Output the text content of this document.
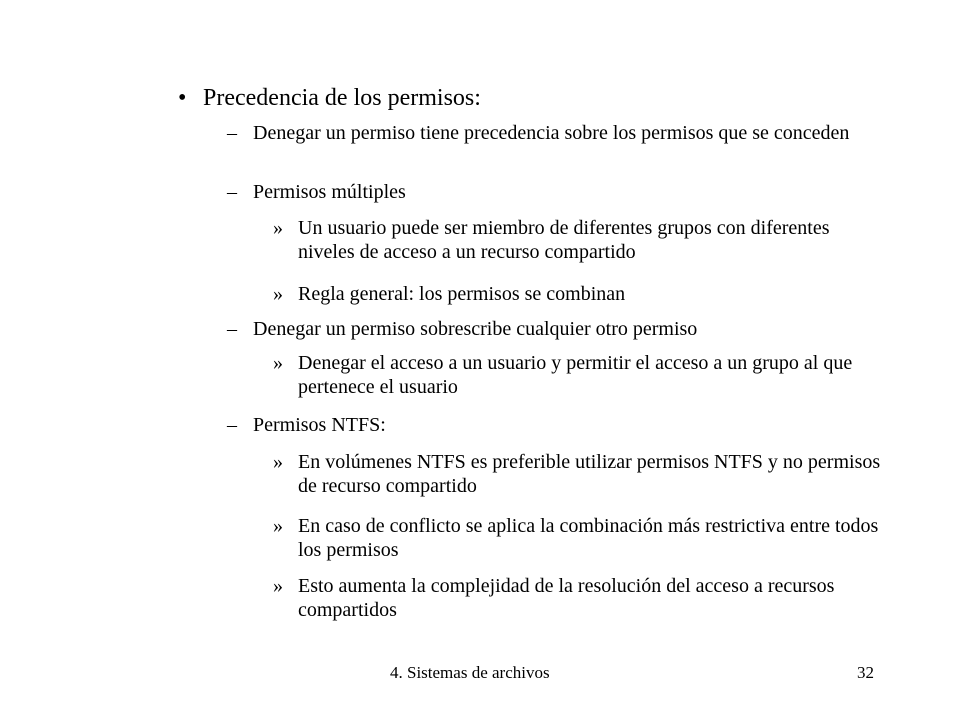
• Precedencia de los permisos:
– Denegar un permiso tiene precedencia sobre los permisos que se conceden
– Permisos múltiples
» Un usuario puede ser miembro de diferentes grupos con diferentes niveles de acceso a un recurso compartido
» Regla general: los permisos se combinan
– Denegar un permiso sobrescribe cualquier otro permiso
» Denegar el acceso a un usuario y permitir el acceso a un grupo al que pertenece el usuario
– Permisos NTFS:
» En volúmenes NTFS es preferible utilizar permisos NTFS y no permisos de recurso compartido
» En caso de conflicto se aplica la combinación más restrictiva entre todos los permisos
» Esto aumenta la complejidad de la resolución del acceso a recursos compartidos
4. Sistemas de archivos	32
